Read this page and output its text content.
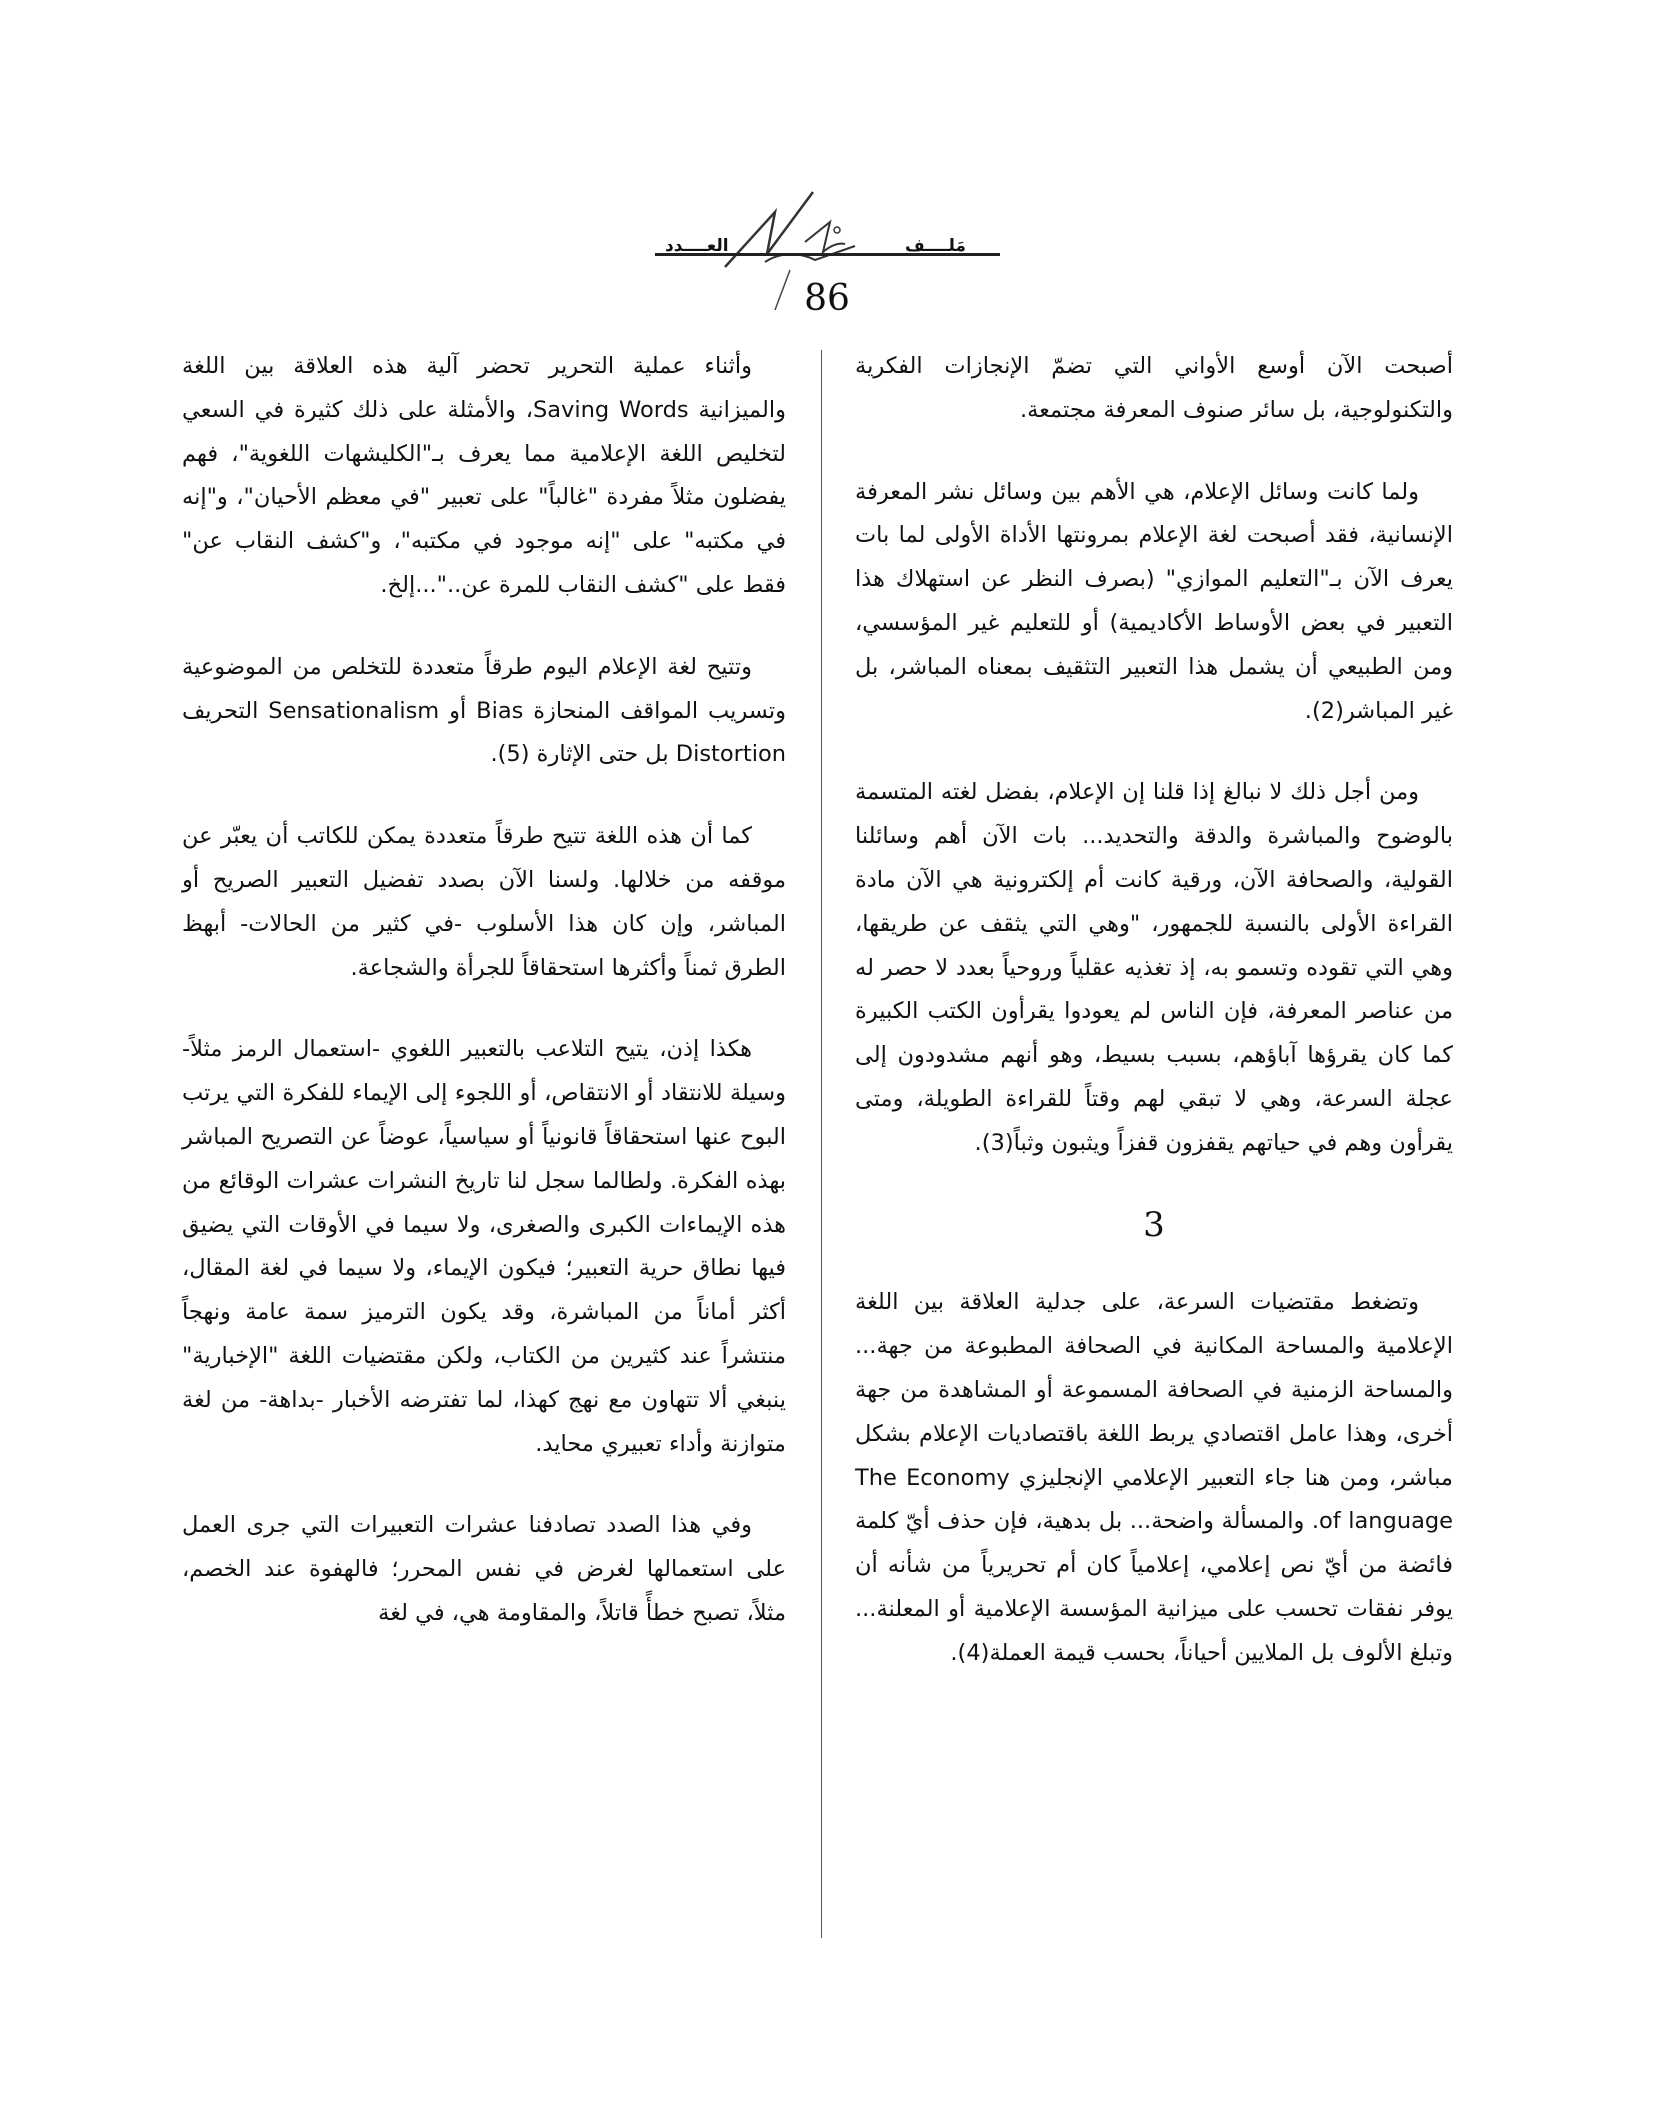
العــــدد	مَلــــف
86

أصبحت الآن أوسع الأواني التي تضمّ الإنجازات الفكرية والتكنولوجية، بل سائر صنوف المعرفة مجتمعة.

ولما كانت وسائل الإعلام، هي الأهم بين وسائل نشر المعرفة الإنسانية، فقد أصبحت لغة الإعلام بمرونتها الأداة الأولى لما بات يعرف الآن بـ"التعليم الموازي" (بصرف النظر عن استهلاك هذا التعبير في بعض الأوساط الأكاديمية) أو للتعليم غير المؤسسي، ومن الطبيعي أن يشمل هذا التعبير التثقيف بمعناه المباشر، بل غير المباشر(2).

ومن أجل ذلك لا نبالغ إذا قلنا إن الإعلام، بفضل لغته المتسمة بالوضوح والمباشرة والدقة والتحديد... بات الآن أهم وسائلنا القولية، والصحافة الآن، ورقية كانت أم إلكترونية هي الآن مادة القراءة الأولى بالنسبة للجمهور، "وهي التي يثقف عن طريقها، وهي التي تقوده وتسمو به، إذ تغذيه عقلياً وروحياً بعدد لا حصر له من عناصر المعرفة، فإن الناس لم يعودوا يقرأون الكتب الكبيرة كما كان يقرؤها آباؤهم، بسبب بسيط، وهو أنهم مشدودون إلى عجلة السرعة، وهي لا تبقي لهم وقتاً للقراءة الطويلة، ومتى يقرأون وهم في حياتهم يقفزون قفزاً ويثبون وثباً(3).

3

وتضغط مقتضيات السرعة، على جدلية العلاقة بين اللغة الإعلامية والمساحة المكانية في الصحافة المطبوعة من جهة... والمساحة الزمنية في الصحافة المسموعة أو المشاهدة من جهة أخرى، وهذا عامل اقتصادي يربط اللغة باقتصاديات الإعلام بشكل مباشر، ومن هنا جاء التعبير الإعلامي الإنجليزي The Economy of language. والمسألة واضحة... بل بدهية، فإن حذف أيّ كلمة فائضة من أيّ نص إعلامي، إعلامياً كان أم تحريرياً من شأنه أن يوفر نفقات تحسب على ميزانية المؤسسة الإعلامية أو المعلنة... وتبلغ الألوف بل الملايين أحياناً، بحسب قيمة العملة(4).

وأثناء عملية التحرير تحضر آلية هذه العلاقة بين اللغة والميزانية Saving Words، والأمثلة على ذلك كثيرة في السعي لتخليص اللغة الإعلامية مما يعرف بـ"الكليشهات اللغوية"، فهم يفضلون مثلاً مفردة "غالباً" على تعبير "في معظم الأحيان"، و"إنه في مكتبه" على "إنه موجود في مكتبه"، و"كشف النقاب عن" فقط على "كشف النقاب للمرة عن.."...إلخ.

وتتيح لغة الإعلام اليوم طرقاً متعددة للتخلص من الموضوعية وتسريب المواقف المنحازة Bias أو Sensationalism التحريف Distortion بل حتى الإثارة (5).

كما أن هذه اللغة تتيح طرقاً متعددة يمكن للكاتب أن يعبّر عن موقفه من خلالها. ولسنا الآن بصدد تفضيل التعبير الصريح أو المباشر، وإن كان هذا الأسلوب -في كثير من الحالات- أبهظ الطرق ثمناً وأكثرها استحقاقاً للجرأة والشجاعة.

هكذا إذن، يتيح التلاعب بالتعبير اللغوي -استعمال الرمز مثلاً- وسيلة للانتقاد أو الانتقاص، أو اللجوء إلى الإيماء للفكرة التي يرتب البوح عنها استحقاقاً قانونياً أو سياسياً، عوضاً عن التصريح المباشر بهذه الفكرة. ولطالما سجل لنا تاريخ النشرات عشرات الوقائع من هذه الإيماءات الكبرى والصغرى، ولا سيما في الأوقات التي يضيق فيها نطاق حرية التعبير؛ فيكون الإيماء، ولا سيما في لغة المقال، أكثر أماناً من المباشرة، وقد يكون الترميز سمة عامة ونهجاً منتشراً عند كثيرين من الكتاب، ولكن مقتضيات اللغة "الإخبارية" ينبغي ألا تتهاون مع نهج كهذا، لما تفترضه الأخبار -بداهة- من لغة متوازنة وأداء تعبيري محايد.

وفي هذا الصدد تصادفنا عشرات التعبيرات التي جرى العمل على استعمالها لغرض في نفس المحرر؛ فالهفوة عند الخصم، مثلاً، تصبح خطأً قاتلاً، والمقاومة هي، في لغة
